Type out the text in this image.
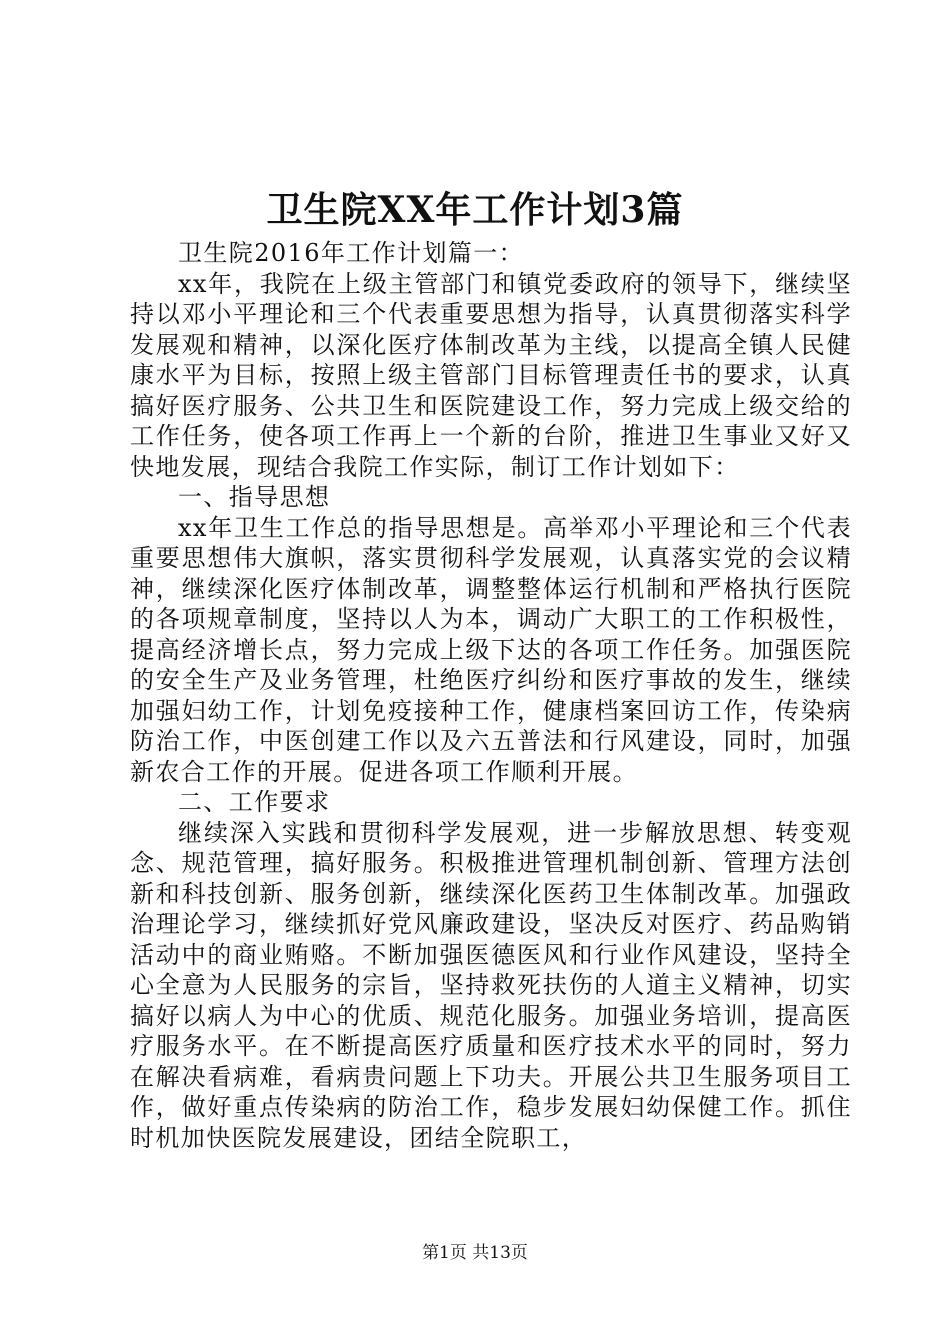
卫生院XX年工作计划3篇

卫生院2016年工作计划篇一：

xx年，我院在上级主管部门和镇党委政府的领导下，继续坚持以邓小平理论和三个代表重要思想为指导，认真贯彻落实科学发展观和精神，以深化医疗体制改革为主线，以提高全镇人民健康水平为目标，按照上级主管部门目标管理责任书的要求，认真搞好医疗服务、公共卫生和医院建设工作，努力完成上级交给的工作任务，使各项工作再上一个新的台阶，推进卫生事业又好又快地发展，现结合我院工作实际，制订工作计划如下：

一、指导思想

xx年卫生工作总的指导思想是。高举邓小平理论和三个代表重要思想伟大旗帜，落实贯彻科学发展观，认真落实党的会议精神，继续深化医疗体制改革，调整整体运行机制和严格执行医院的各项规章制度，坚持以人为本，调动广大职工的工作积极性，提高经济增长点，努力完成上级下达的各项工作任务。加强医院的安全生产及业务管理，杜绝医疗纠纷和医疗事故的发生，继续加强妇幼工作，计划免疫接种工作，健康档案回访工作，传染病防治工作，中医创建工作以及六五普法和行风建设，同时，加强新农合工作的开展。促进各项工作顺利开展。

二、工作要求

继续深入实践和贯彻科学发展观，进一步解放思想、转变观念、规范管理，搞好服务。积极推进管理机制创新、管理方法创新和科技创新、服务创新，继续深化医药卫生体制改革。加强政治理论学习，继续抓好党风廉政建设，坚决反对医疗、药品购销活动中的商业贿赂。不断加强医德医风和行业作风建设，坚持全心全意为人民服务的宗旨，坚持救死扶伤的人道主义精神，切实搞好以病人为中心的优质、规范化服务。加强业务培训，提高医疗服务水平。在不断提高医疗质量和医疗技术水平的同时，努力在解决看病难，看病贵问题上下功夫。开展公共卫生服务项目工作，做好重点传染病的防治工作，稳步发展妇幼保健工作。抓住时机加快医院发展建设，团结全院职工，

第1页 共13页
